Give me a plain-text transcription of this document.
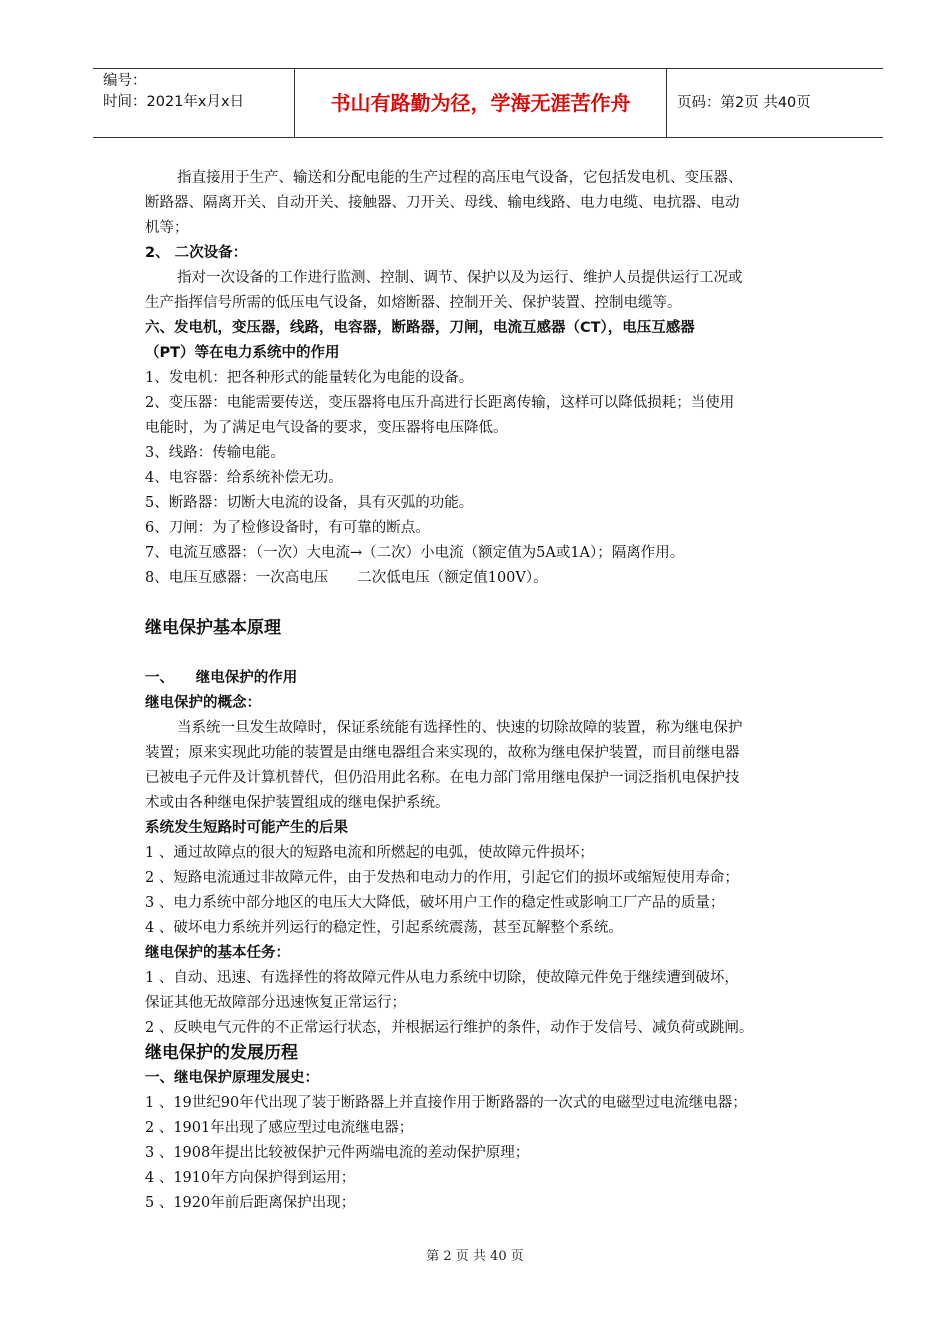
编号：
时间：2021年x月x日	书山有路勤为径，学海无涯苦作舟	页码：第2页 共40页
指直接用于生产、输送和分配电能的生产过程的高压电气设备，它包括发电机、变压器、
断路器、隔离开关、自动开关、接触器、刀开关、母线、输电线路、电力电缆、电抗器、电动
机等；
2、 二次设备：
指对一次设备的工作进行监测、控制、调节、保护以及为运行、维护人员提供运行工况或
生产指挥信号所需的低压电气设备，如熔断器、控制开关、保护装置、控制电缆等。
六、发电机，变压器，线路，电容器，断路器，刀闸，电流互感器（CT），电压互感器
（PT）等在电力系统中的作用
1、发电机：把各种形式的能量转化为电能的设备。
2、变压器：电能需要传送，变压器将电压升高进行长距离传输，这样可以降低损耗；当使用
电能时，为了满足电气设备的要求，变压器将电压降低。
3、线路：传输电能。
4、电容器：给系统补偿无功。
5、断路器：切断大电流的设备，具有灭弧的功能。
6、刀闸：为了检修设备时，有可靠的断点。
7、电流互感器：（一次）大电流→（二次）小电流（额定值为5A或1A）；隔离作用。
8、电压互感器：一次高电压　　二次低电压（额定值100V）。
继电保护基本原理
一、　　继电保护的作用
继电保护的概念：
当系统一旦发生故障时，保证系统能有选择性的、快速的切除故障的装置，称为继电保护
装置；原来实现此功能的装置是由继电器组合来实现的，故称为继电保护装置，而目前继电器
已被电子元件及计算机替代，但仍沿用此名称。在电力部门常用继电保护一词泛指机电保护技
术或由各种继电保护装置组成的继电保护系统。
系统发生短路时可能产生的后果
1 、通过故障点的很大的短路电流和所燃起的电弧，使故障元件损坏；
2 、短路电流通过非故障元件，由于发热和电动力的作用，引起它们的损坏或缩短使用寿命；
3 、电力系统中部分地区的电压大大降低，破坏用户工作的稳定性或影响工厂产品的质量；
4 、破坏电力系统并列运行的稳定性，引起系统震荡，甚至瓦解整个系统。
继电保护的基本任务：
1 、自动、迅速、有选择性的将故障元件从电力系统中切除，使故障元件免于继续遭到破坏，
保证其他无故障部分迅速恢复正常运行；
2 、反映电气元件的不正常运行状态，并根据运行维护的条件，动作于发信号、减负荷或跳闸。
继电保护的发展历程
一、继电保护原理发展史：
1 、19世纪90年代出现了装于断路器上并直接作用于断路器的一次式的电磁型过电流继电器；
2 、1901年出现了感应型过电流继电器；
3 、1908年提出比较被保护元件两端电流的差动保护原理；
4 、1910年方向保护得到运用；
5 、1920年前后距离保护出现；
第 2 页 共 40 页
